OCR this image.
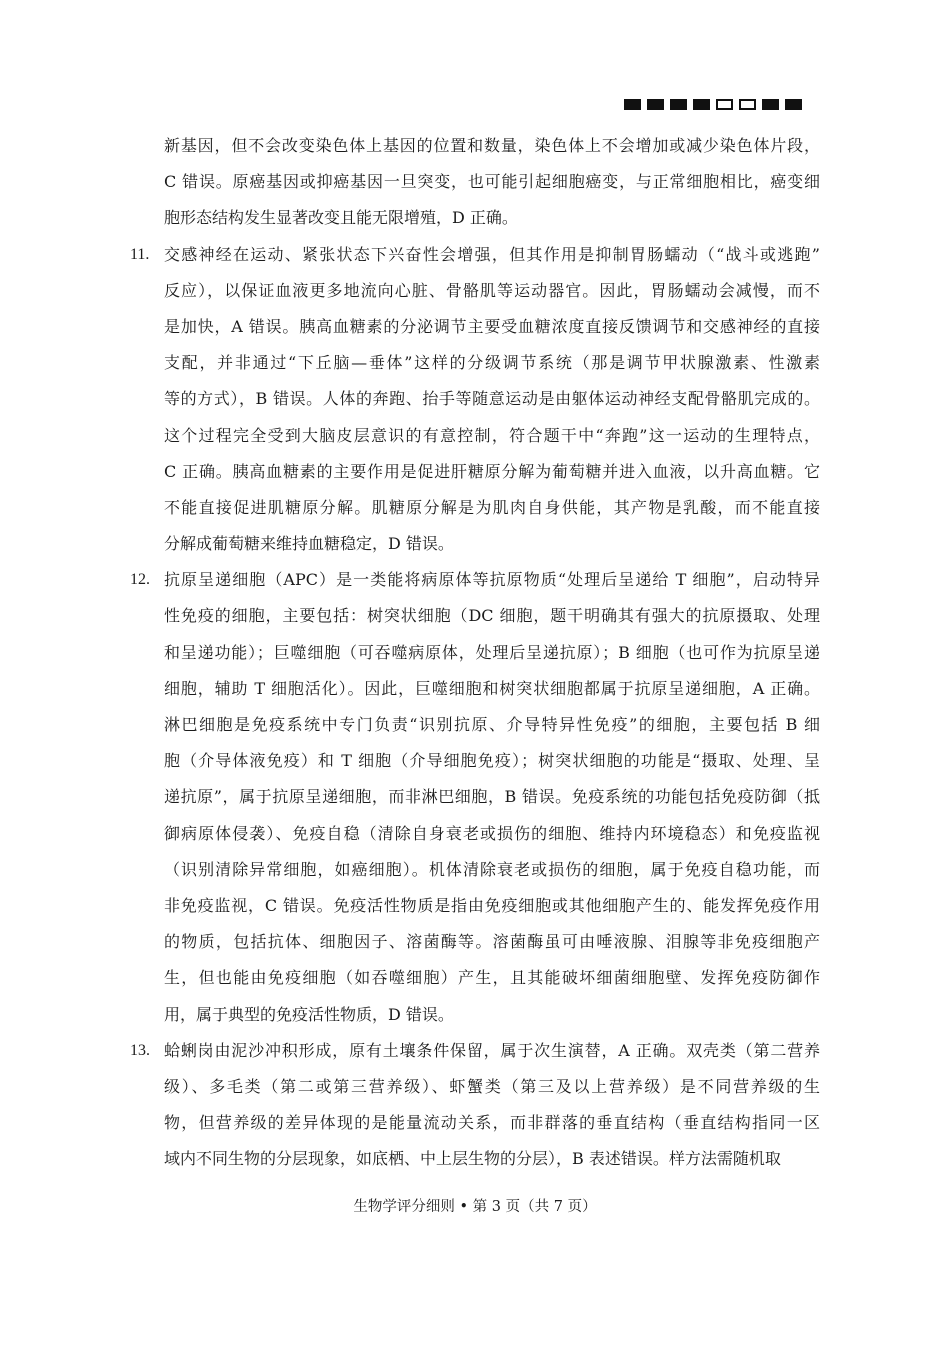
新基因，但不会改变染色体上基因的位置和数量，染色体上不会增加或减少染色体片段，
C 错误。原癌基因或抑癌基因一旦突变，也可能引起细胞癌变，与正常细胞相比，癌变细
胞形态结构发生显著改变且能无限增殖，D 正确。
11. 交感神经在运动、紧张状态下兴奋性会增强，但其作用是抑制胃肠蠕动（“战斗或逃跑”
反应），以保证血液更多地流向心脏、骨骼肌等运动器官。因此，胃肠蠕动会减慢，而不
是加快，A 错误。胰高血糖素的分泌调节主要受血糖浓度直接反馈调节和交感神经的直接
支配，并非通过“下丘脑—垂体”这样的分级调节系统（那是调节甲状腺激素、性激素
等的方式），B 错误。人体的奔跑、抬手等随意运动是由躯体运动神经支配骨骼肌完成的。
这个过程完全受到大脑皮层意识的有意控制，符合题干中“奔跑”这一运动的生理特点，
C 正确。胰高血糖素的主要作用是促进肝糖原分解为葡萄糖并进入血液，以升高血糖。它
不能直接促进肌糖原分解。肌糖原分解是为肌肉自身供能，其产物是乳酸，而不能直接
分解成葡萄糖来维持血糖稳定，D 错误。
12. 抗原呈递细胞（APC）是一类能将病原体等抗原物质“处理后呈递给 T 细胞”，启动特异
性免疫的细胞，主要包括：树突状细胞（DC 细胞，题干明确其有强大的抗原摄取、处理
和呈递功能）；巨噬细胞（可吞噬病原体，处理后呈递抗原）；B 细胞（也可作为抗原呈递
细胞，辅助 T 细胞活化）。因此，巨噬细胞和树突状细胞都属于抗原呈递细胞，A 正确。
淋巴细胞是免疫系统中专门负责“识别抗原、介导特异性免疫”的细胞，主要包括 B 细
胞（介导体液免疫）和 T 细胞（介导细胞免疫）；树突状细胞的功能是“摄取、处理、呈
递抗原”，属于抗原呈递细胞，而非淋巴细胞，B 错误。免疫系统的功能包括免疫防御（抵
御病原体侵袭）、免疫自稳（清除自身衰老或损伤的细胞、维持内环境稳态）和免疫监视
（识别清除异常细胞，如癌细胞）。机体清除衰老或损伤的细胞，属于免疫自稳功能，而
非免疫监视，C 错误。免疫活性物质是指由免疫细胞或其他细胞产生的、能发挥免疫作用
的物质，包括抗体、细胞因子、溶菌酶等。溶菌酶虽可由唾液腺、泪腺等非免疫细胞产
生，但也能由免疫细胞（如吞噬细胞）产生，且其能破坏细菌细胞壁、发挥免疫防御作
用，属于典型的免疫活性物质，D 错误。
13. 蛤蜊岗由泥沙冲积形成，原有土壤条件保留，属于次生演替，A 正确。双壳类（第二营养
级）、多毛类（第二或第三营养级）、虾蟹类（第三及以上营养级）是不同营养级的生
物，但营养级的差异体现的是能量流动关系，而非群落的垂直结构（垂直结构指同一区
域内不同生物的分层现象，如底栖、中上层生物的分层），B 表述错误。样方法需随机取
生物学评分细则 • 第 3 页（共 7 页）
